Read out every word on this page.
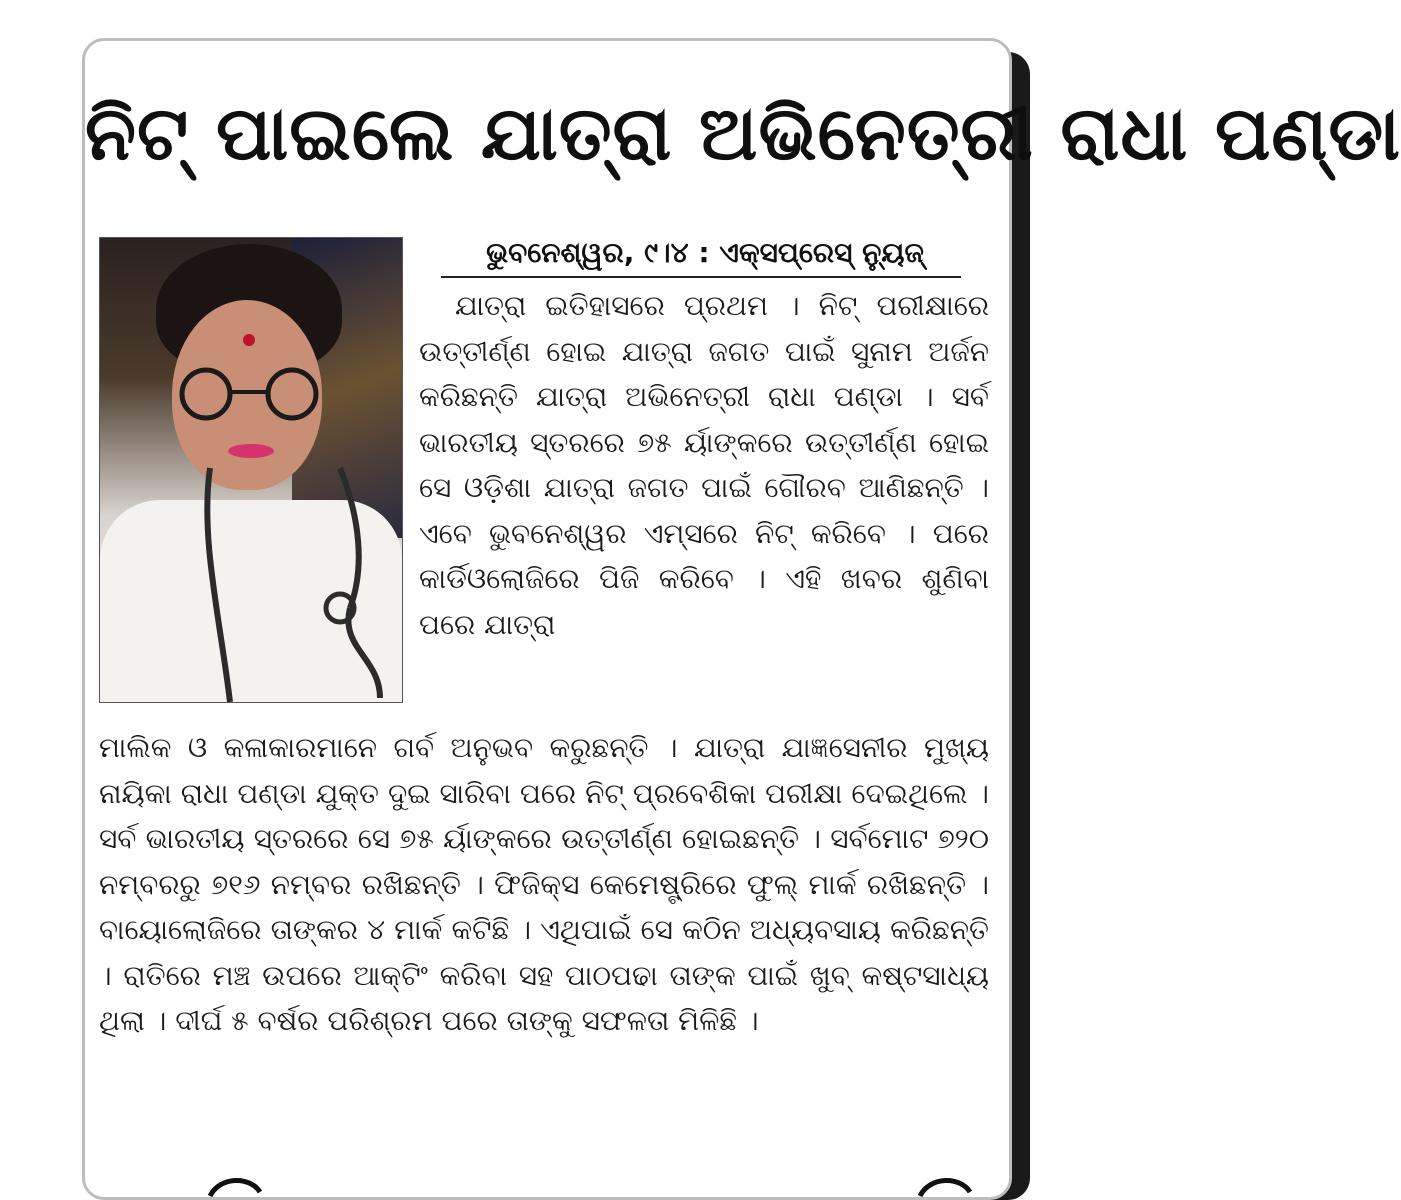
ନିଟ୍ ପାଇଲେ ଯାତ୍ରା ଅଭିନେତ୍ରୀ ରାଧା ପଣ୍ଡା
ଭୁବନେଶ୍ୱର, ୯।୪ : ଏକ୍ସପ୍ରେସ୍ ନ୍ୟୁଜ୍
ଯାତ୍ରା ଇତିହାସରେ ପ୍ରଥମ । ନିଟ୍ ପରୀକ୍ଷାରେ ଉତ୍ତୀର୍ଣ୍ଣ ହୋଇ ଯାତ୍ରା ଜଗତ ପାଇଁ ସୁନାମ ଅର୍ଜନ କରିଛନ୍ତି ଯାତ୍ରା ଅଭିନେତ୍ରୀ ରାଧା ପଣ୍ଡା । ସର୍ବ ଭାରତୀୟ ସ୍ତରରେ ୭୫ ର୍ୟାଙ୍କରେ ଉତ୍ତୀର୍ଣ୍ଣ ହୋଇ ସେ ଓଡ଼ିଶା ଯାତ୍ରା ଜଗତ ପାଇଁ ଗୌରବ ଆଣିଛନ୍ତି । ଏବେ ଭୁବନେଶ୍ୱର ଏମ୍ସରେ ନିଟ୍ କରିବେ । ପରେ କାର୍ଡିଓଲୋଜିରେ ପିଜି କରିବେ । ଏହି ଖବର ଶୁଣିବା ପରେ ଯାତ୍ରା
ମାଲିକ ଓ କଳାକାରମାନେ ଗର୍ବ ଅନୁଭବ କରୁଛନ୍ତି । ଯାତ୍ରା ଯାଜ୍ଞସେନୀର ମୁଖ୍ୟ ନାୟିକା ରାଧା ପଣ୍ଡା ଯୁକ୍ତ ଦୁଇ ସାରିବା ପରେ ନିଟ୍ ପ୍ରବେଶିକା ପରୀକ୍ଷା ଦେଇଥିଲେ । ସର୍ବ ଭାରତୀୟ ସ୍ତରରେ ସେ ୭୫ ର୍ୟାଙ୍କରେ ଉତ୍ତୀର୍ଣ୍ଣ ହୋଇଛନ୍ତି । ସର୍ବମୋଟ ୭୨୦ ନମ୍ବରରୁ ୭୧୬ ନମ୍ବର ରଖିଛନ୍ତି । ଫିଜିକ୍ସ କେମେଷ୍ଟ୍ରିରେ ଫୁଲ୍ ମାର୍କ ରଖିଛନ୍ତି । ବାୟୋଲୋଜିରେ ତାଙ୍କର ୪ ମାର୍କ କଟିଛି । ଏଥିପାଇଁ ସେ କଠିନ ଅଧ୍ୟବସାୟ କରିଛନ୍ତି । ରାତିରେ ମଞ୍ଚ ଉପରେ ଆକ୍ଟିଂ କରିବା ସହ ପାଠପଢା ତାଙ୍କ ପାଇଁ ଖୁବ୍ କଷ୍ଟସାଧ୍ୟ ଥିଲା । ଦୀର୍ଘ ୫ ବର୍ଷର ପରିଶ୍ରମ ପରେ ତାଙ୍କୁ ସଫଳତା ମିଳିଛି ।
